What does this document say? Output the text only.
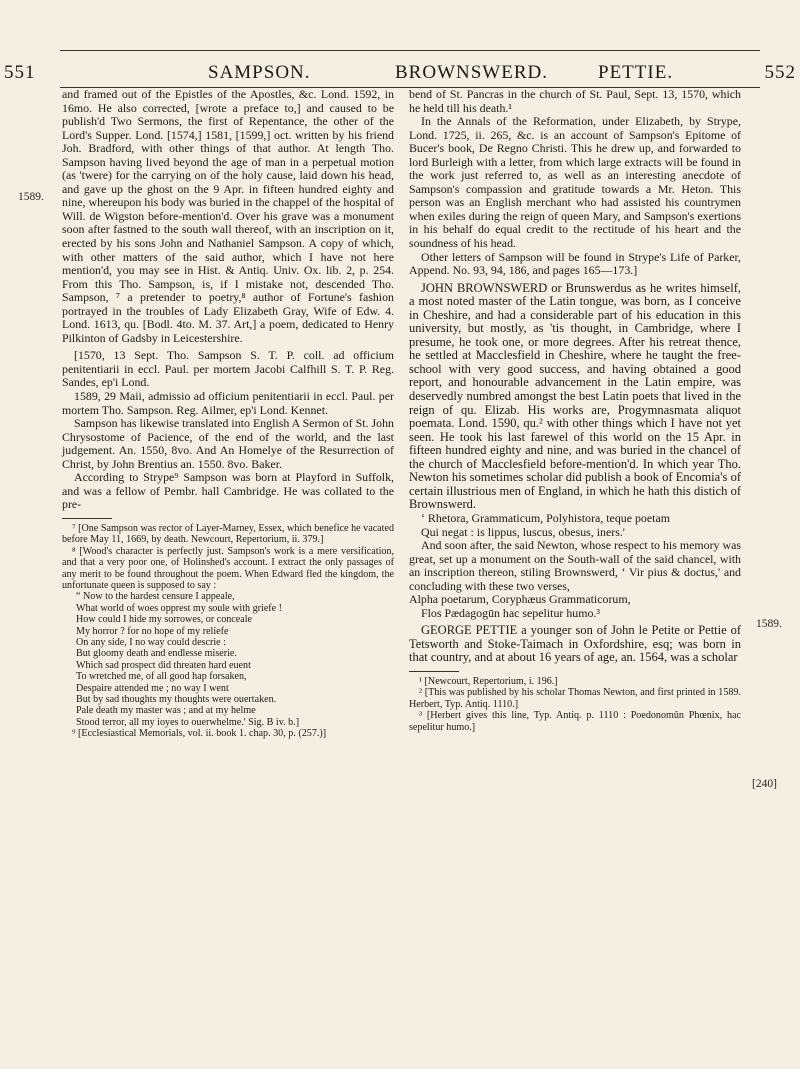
551	SAMPSON.	BROWNSWERD.	PETTIE.	552
1589.
1589.
[240]

and framed out of the Epistles of the Apostles, &c. Lond. 1592, in 16mo. He also corrected, [wrote a preface to,] and caused to be publish'd Two Sermons, the first of Repentance, the other of the Lord's Supper. Lond. [1574,] 1581, [1599,] oct. written by his friend Joh. Bradford, with other things of that author. At length Tho. Sampson having lived beyond the age of man in a perpetual motion (as 'twere) for the carrying on of the holy cause, laid down his head, and gave up the ghost on the 9 Apr. in fifteen hundred eighty and nine, whereupon his body was buried in the chappel of the hospital of Will. de Wigston before-mention'd. Over his grave was a monument soon after fastned to the south wall thereof, with an inscription on it, erected by his sons John and Nathaniel Sampson. A copy of which, with other matters of the said author, which I have not here mention'd, you may see in Hist. & Antiq. Univ. Ox. lib. 2, p. 254. From this Tho. Sampson, is, if I mistake not, descended Tho. Sampson, ⁷ a pretender to poetry,⁸ author of Fortune's fashion portrayed in the troubles of Lady Elizabeth Gray, Wife of Edw. 4. Lond. 1613, qu. [Bodl. 4to. M. 37. Art,] a poem, dedicated to Henry Pilkinton of Gadsby in Leicestershire.

[1570, 13 Sept. Tho. Sampson S. T. P. coll. ad officium penitentiarii in eccl. Paul. per mortem Jacobi Calfhill S. T. P. Reg. Sandes, ep'i Lond.

1589, 29 Maii, admissio ad officium penitentiarii in eccl. Paul. per mortem Tho. Sampson. Reg. Ailmer, ep'i Lond. Kennet.

Sampson has likewise translated into English A Sermon of St. John Chrysostome of Pacience, of the end of the world, and the last judgement. An. 1550, 8vo. And An Homelye of the Resurrection of Christ, by John Brentius an. 1550. 8vo. Baker.

According to Strype⁹ Sampson was born at Playford in Suffolk, and was a fellow of Pembr. hall Cambridge. He was collated to the pre-

⁷ [One Sampson was rector of Layer-Marney, Essex, which benefice he vacated before May 11, 1669, by death. Newcourt, Repertorium, ii. 379.]

⁸ [Wood's character is perfectly just. Sampson's work is a mere versification, and that a very poor one, of Holinshed's account. I extract the only passages of any merit to be found throughout the poem. When Edward fled the kingdom, the unfortunate queen is supposed to say :

“ Now to the hardest censure I appeale,
What world of woes opprest my soule with griefe !
How could I hide my sorrowes, or conceale
My horror ? for no hope of my reliefe
On any side, I no way could descrie :
But gloomy death and endlesse miserie.
Which sad prospect did threaten hard euent
To wretched me, of all good hap forsaken,
Despaire attended me ; no way I went
But by sad thoughts my thoughts were ouertaken.
Pale death my master was ; and at my helme
Stood terror, all my ioyes to ouerwhelme.' Sig. B iv. b.]

⁹ [Ecclesiastical Memorials, vol. ii. book 1. chap. 30, p. (257.)]

bend of St. Pancras in the church of St. Paul, Sept. 13, 1570, which he held till his death.¹

In the Annals of the Reformation, under Elizabeth, by Strype, Lond. 1725, ii. 265, &c. is an account of Sampson's Epitome of Bucer's book, De Regno Christi. This he drew up, and forwarded to lord Burleigh with a letter, from which large extracts will be found in the work just referred to, as well as an interesting anecdote of Sampson's compassion and gratitude towards a Mr. Heton. This person was an English merchant who had assisted his countrymen when exiles during the reign of queen Mary, and Sampson's exertions in his behalf do equal credit to the rectitude of his heart and the soundness of his head.

Other letters of Sampson will be found in Strype's Life of Parker, Append. No. 93, 94, 186, and pages 165—173.]

JOHN BROWNSWERD or Brunswerdus as he writes himself, a most noted master of the Latin tongue, was born, as I conceive in Cheshire, and had a considerable part of his education in this university, but mostly, as 'tis thought, in Cambridge, where I presume, he took one, or more degrees. After his retreat thence, he settled at Macclesfield in Cheshire, where he taught the free-school with very good success, and having obtained a good report, and honourable advancement in the Latin empire, was deservedly numbred amongst the best Latin poets that lived in the reign of qu. Elizab. His works are, Progymnasmata aliquot poemata. Lond. 1590, qu.² with other things which I have not yet seen. He took his last farewel of this world on the 15 Apr. in fifteen hundred eighty and nine, and was buried in the chancel of the church of Macclesfield before-mention'd. In which year Tho. Newton his sometimes scholar did publish a book of Encomia's of certain illustrious men of England, in which he hath this distich of Brownswerd.

‘ Rhetora, Grammaticum, Polyhistora, teque poetam

Qui negat : is lippus, luscus, obesus, iners.'

And soon after, the said Newton, whose respect to his memory was great, set up a monument on the South-wall of the said chancel, with an inscription thereon, stiling Brownswerd, ‘ Vir pius & doctus,' and concluding with these two verses,

Alpha poetarum, Coryphæus Grammaticorum,

Flos Pædagogūn hac sepelitur humo.³

GEORGE PETTIE a younger son of John le Petite or Pettie of Tetsworth and Stoke-Taimach in Oxfordshire, esq; was born in that country, and at about 16 years of age, an. 1564, was a scholar

¹ [Newcourt, Repertorium, i. 196.]

² [This was published by his scholar Thomas Newton, and first printed in 1589. Herbert, Typ. Antiq. 1110.]

³ [Herbert gives this line, Typ. Antiq. p. 1110 : Poedonomūn Phœnix, hac sepelitur humo.]
